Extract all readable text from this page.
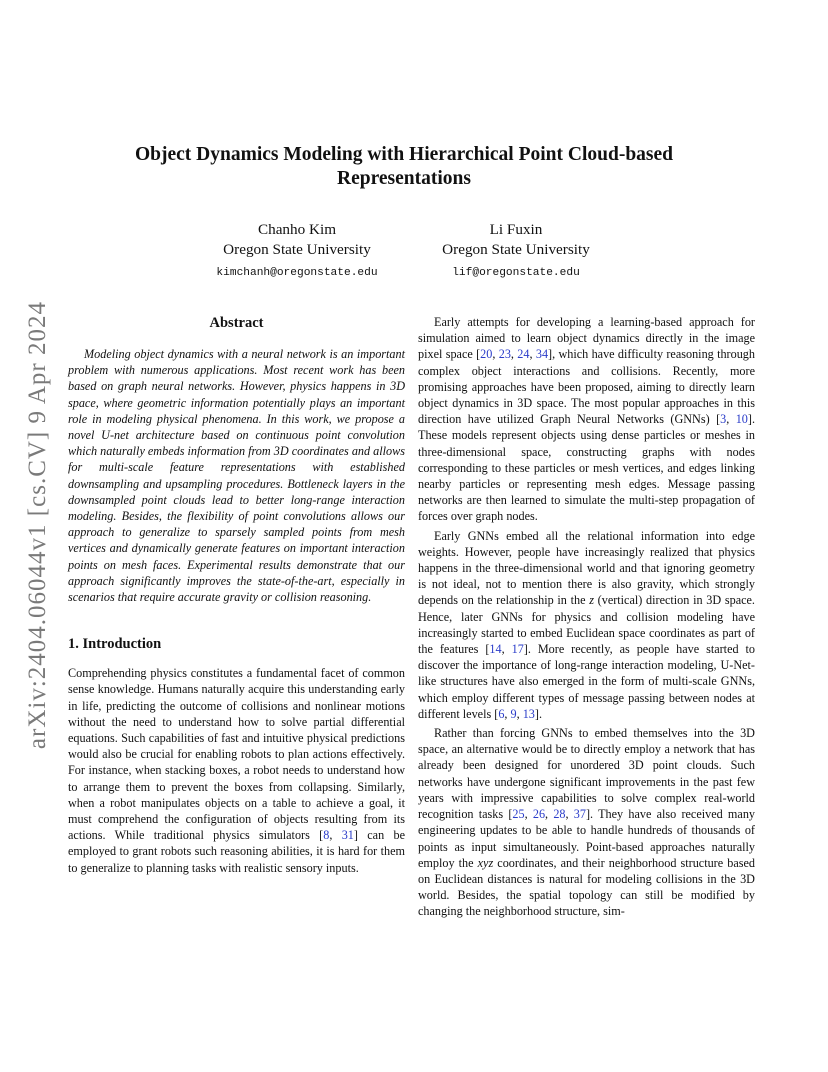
arXiv:2404.06044v1 [cs.CV] 9 Apr 2024
Object Dynamics Modeling with Hierarchical Point Cloud-based Representations
Chanho Kim
Oregon State University
kimchanh@oregonstate.edu
Li Fuxin
Oregon State University
lif@oregonstate.edu
Abstract

Modeling object dynamics with a neural network is an important problem with numerous applications. Most recent work has been based on graph neural networks. However, physics happens in 3D space, where geometric information potentially plays an important role in modeling physical phenomena. In this work, we propose a novel U-net architecture based on continuous point convolution which naturally embeds information from 3D coordinates and allows for multi-scale feature representations with established downsampling and upsampling procedures. Bottleneck layers in the downsampled point clouds lead to better long-range interaction modeling. Besides, the flexibility of point convolutions allows our approach to generalize to sparsely sampled points from mesh vertices and dynamically generate features on important interaction points on mesh faces. Experimental results demonstrate that our approach significantly improves the state-of-the-art, especially in scenarios that require accurate gravity or collision reasoning.

1. Introduction

Comprehending physics constitutes a fundamental facet of common sense knowledge. Humans naturally acquire this understanding early in life, predicting the outcome of collisions and nonlinear motions without the need to understand how to solve partial differential equations. Such capabilities of fast and intuitive physical predictions would also be crucial for enabling robots to plan actions effectively. For instance, when stacking boxes, a robot needs to understand how to arrange them to prevent the boxes from collapsing. Similarly, when a robot manipulates objects on a table to achieve a goal, it must comprehend the configuration of objects resulting from its actions. While traditional physics simulators [8, 31] can be employed to grant robots such reasoning abilities, it is hard for them to generalize to planning tasks with realistic sensory inputs.

Early attempts for developing a learning-based approach for simulation aimed to learn object dynamics directly in the image pixel space [20, 23, 24, 34], which have difficulty reasoning through complex object interactions and collisions. Recently, more promising approaches have been proposed, aiming to directly learn object dynamics in 3D space. The most popular approaches in this direction have utilized Graph Neural Networks (GNNs) [3, 10]. These models represent objects using dense particles or meshes in three-dimensional space, constructing graphs with nodes corresponding to these particles or mesh vertices, and edges linking nearby particles or representing mesh edges. Message passing networks are then learned to simulate the multi-step propagation of forces over graph nodes.

Early GNNs embed all the relational information into edge weights. However, people have increasingly realized that physics happens in the three-dimensional world and that ignoring geometry is not ideal, not to mention there is also gravity, which strongly depends on the relationship in the z (vertical) direction in 3D space. Hence, later GNNs for physics and collision modeling have increasingly started to embed Euclidean space coordinates as part of the features [14, 17]. More recently, as people have started to discover the importance of long-range interaction modeling, U-Net-like structures have also emerged in the form of multi-scale GNNs, which employ different types of message passing between nodes at different levels [6, 9, 13].

Rather than forcing GNNs to embed themselves into the 3D space, an alternative would be to directly employ a network that has already been designed for unordered 3D point clouds. Such networks have undergone significant improvements in the past few years with impressive capabilities to solve complex real-world recognition tasks [25, 26, 28, 37]. They have also received many engineering updates to be able to handle hundreds of thousands of points as input simultaneously. Point-based approaches naturally employ the xyz coordinates, and their neighborhood structure based on Euclidean distances is natural for modeling collisions in the 3D world. Besides, the spatial topology can still be modified by changing the neighborhood structure, sim-
